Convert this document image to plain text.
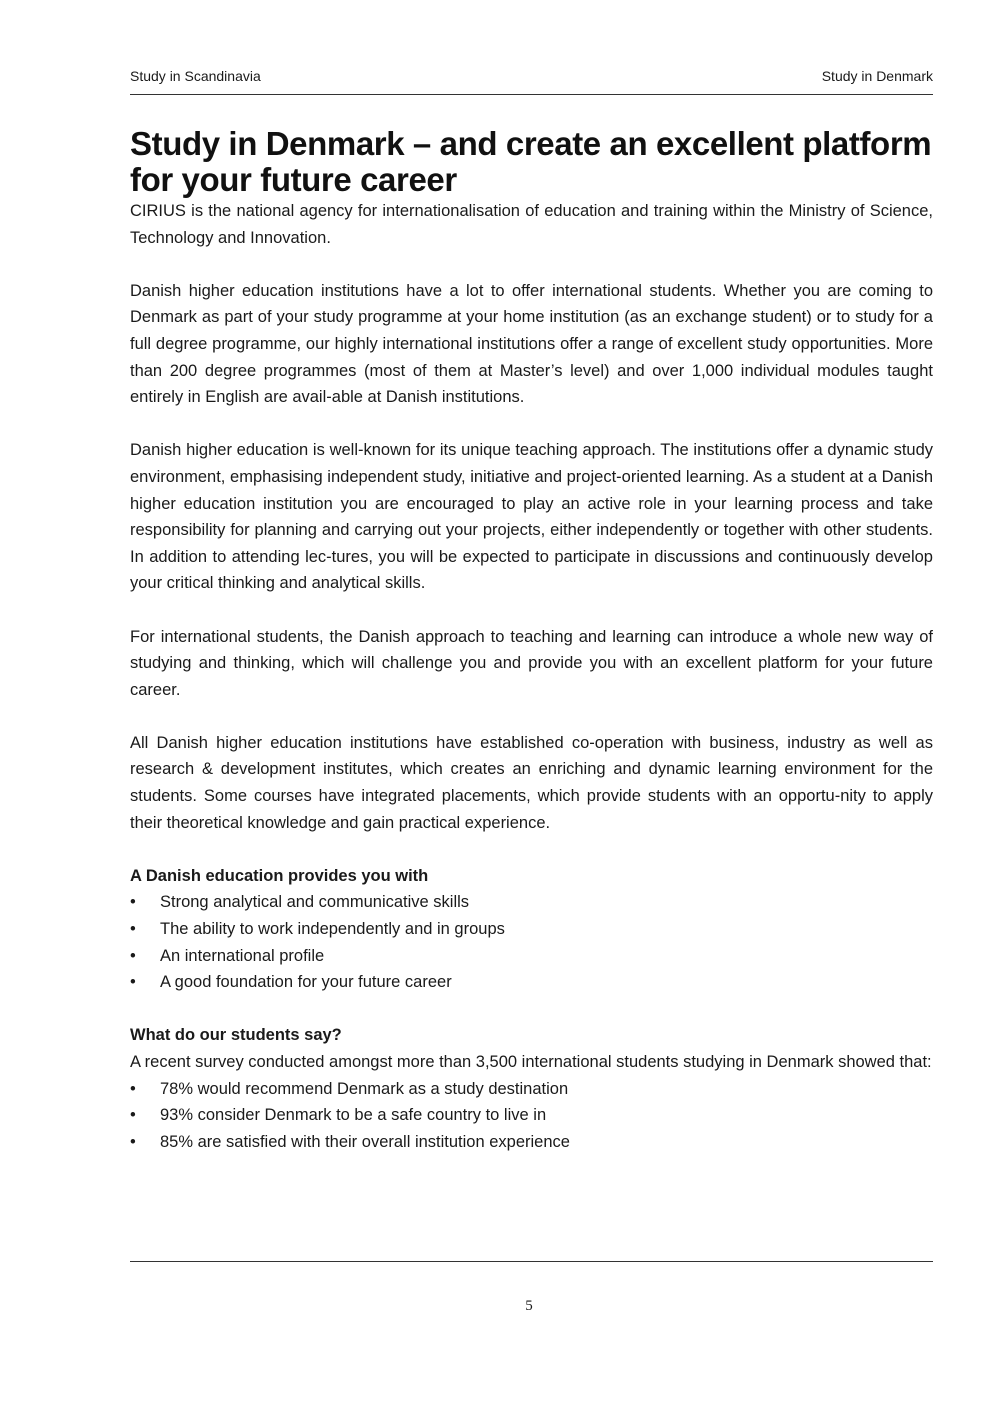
Study in Scandinavia	Study in Denmark
Study in Denmark – and create an excellent platform for your future career

CIRIUS is the national agency for internationalisation of education and training within the Ministry of Science, Technology and Innovation.

Danish higher education institutions have a lot to offer international students. Whether you are coming to Denmark as part of your study programme at your home institution (as an exchange student) or to study for a full degree programme, our highly international institutions offer a range of excellent study opportunities. More than 200 degree programmes (most of them at Master’s level) and over 1,000 individual modules taught entirely in English are avail-able at Danish institutions.

Danish higher education is well-known for its unique teaching approach. The institutions offer a dynamic study environment, emphasising independent study, initiative and project-oriented learning. As a student at a Danish higher education institution you are encouraged to play an active role in your learning process and take responsibility for planning and carrying out your projects, either independently or together with other students. In addition to attending lec-tures, you will be expected to participate in discussions and continuously develop your critical thinking and analytical skills.

For international students, the Danish approach to teaching and learning can introduce a whole new way of studying and thinking, which will challenge you and provide you with an excellent platform for your future career.

All Danish higher education institutions have established co-operation with business, industry as well as research & development institutes, which creates an enriching and dynamic learning environment for the students. Some courses have integrated placements, which provide students with an opportu-nity to apply their theoretical knowledge and gain practical experience.

A Danish education provides you with
• Strong analytical and communicative skills
• The ability to work independently and in groups
• An international profile
• A good foundation for your future career
What do our students say?

A recent survey conducted amongst more than 3,500 international students studying in Denmark showed that:

• 78% would recommend Denmark as a study destination
• 93% consider Denmark to be a safe country to live in
• 85% are satisfied with their overall institution experience
5
